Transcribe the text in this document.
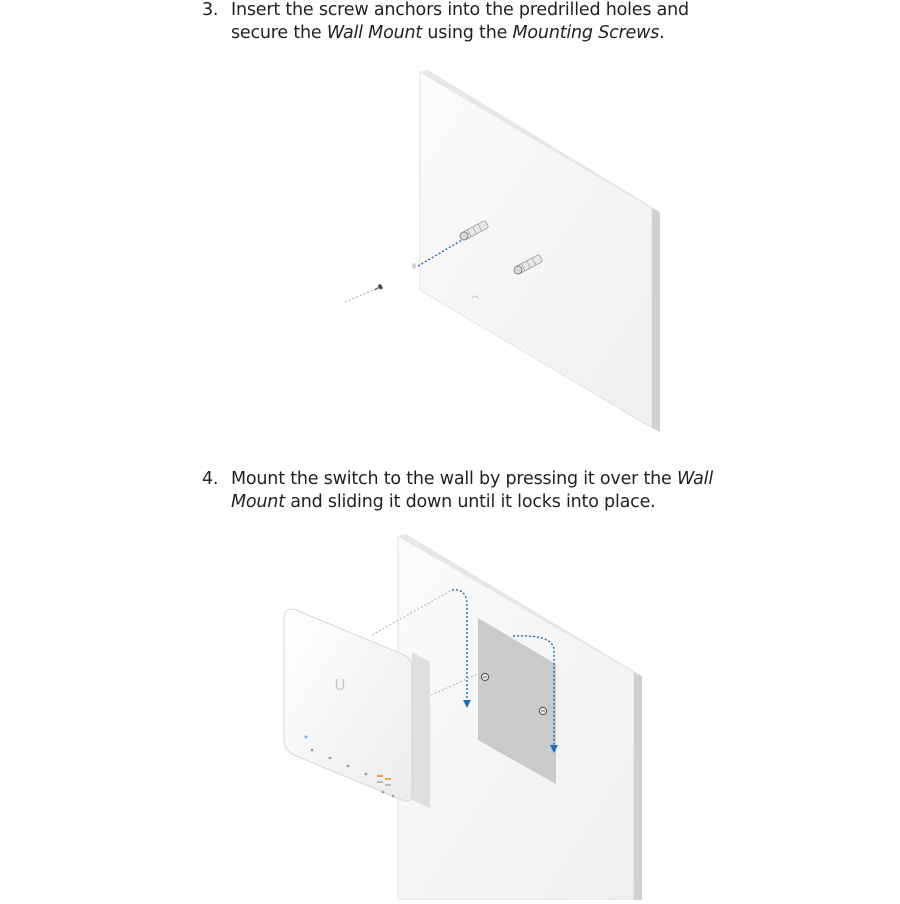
3. Insert the screw anchors into the predrilled holes and secure the Wall Mount using the Mounting Screws.
4. Mount the switch to the wall by pressing it over the Wall Mount and sliding it down until it locks into place.
U
